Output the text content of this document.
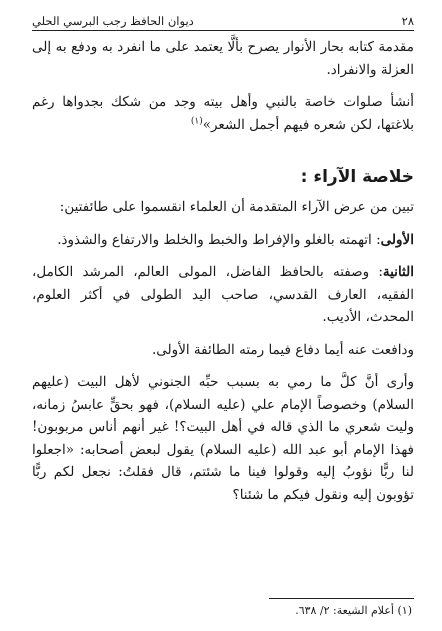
٢٨
ديوان الحافظ رجب البرسي الحلي

مقدمة كتابه بحار الأنوار يصرح بألَّا يعتمد على ما انفرد به ودفع به إلى العزلة والانفراد.

أنشأ صلوات خاصة بالنبي وأهل بيته وجد من شكك بجدواها رغم بلاغتها، لكن شعره فيهم أجمل الشعر»$^{(١)}$

خلاصة الآراء :

تبين من عرض الآراء المتقدمة أن العلماء انقسموا على طائفتين:

الأولى: اتهمته بالغلو والإفراط والخبط والخلط والارتفاع والشذوذ.

الثانية: وصفته بالحافظ الفاضل، المولى العالم، المرشد الكامل، الفقيه، العارف القدسي، صاحب اليد الطولى في أكثر العلوم، المحدث، الأديب.

ودافعت عنه أيما دفاع فيما رمته الطائفة الأولى.

وأرى أنَّ كلَّ ما رمي به بسبب حبِّه الجنوني لأهل البيت (عليهم السلام) وخصوصاً الإمام علي (عليه السلام)، فهو بحقٍّ عابسُ زمانه، وليت شعري ما الذي قاله في أهل البيت؟! غير أنهم أناس مربوبون! فهذا الإمام أبو عبد الله (عليه السلام) يقول لبعض أصحابه: «اجعلوا لنا ربًّا نؤوبُ إليه وقولوا فينا ما شئتم، قال فقلتُ: نجعل لكم ربًّا تؤوبون إليه ونقول فيكم ما شئنا؟

(١) أعلام الشيعة: ٢/ ٦٣٨.
